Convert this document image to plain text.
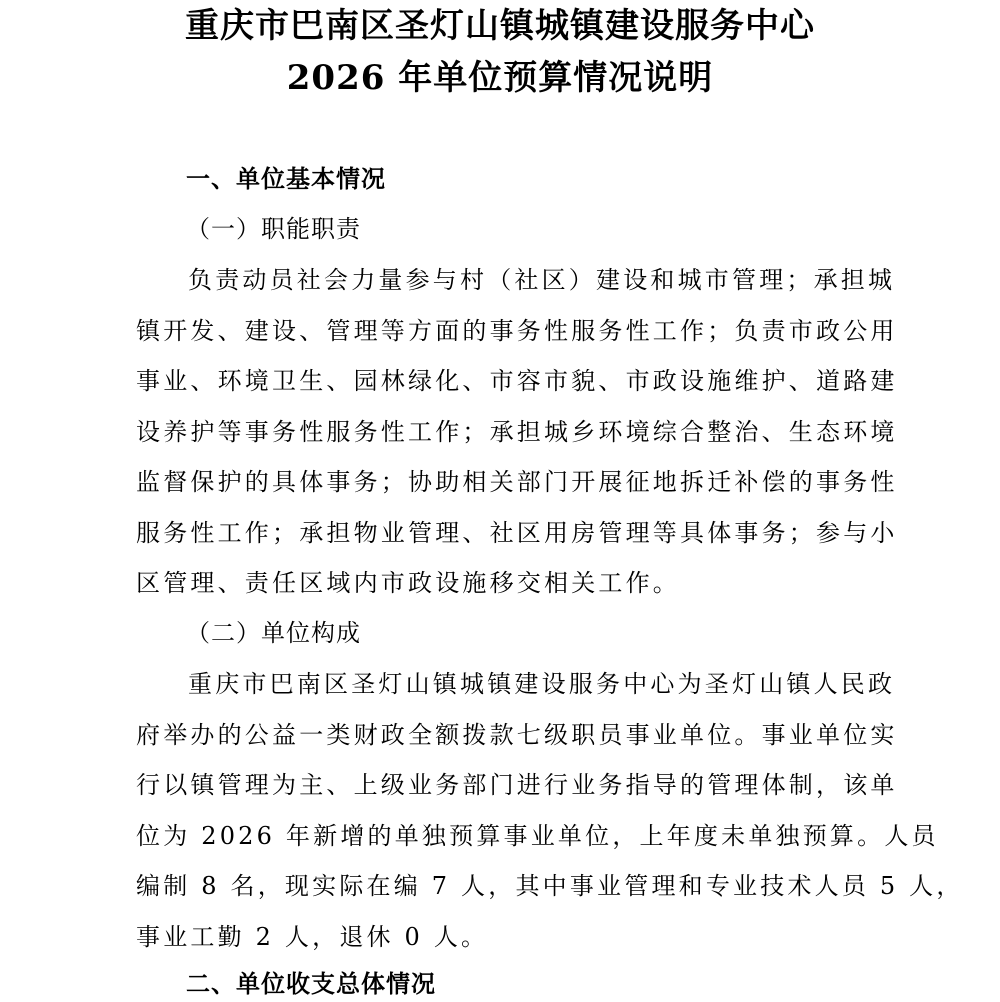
重庆市巴南区圣灯山镇城镇建设服务中心
2026 年单位预算情况说明
一、单位基本情况
（一）职能职责
负责动员社会力量参与村（社区）建设和城市管理；承担城
镇开发、建设、管理等方面的事务性服务性工作；负责市政公用
事业、环境卫生、园林绿化、市容市貌、市政设施维护、道路建
设养护等事务性服务性工作；承担城乡环境综合整治、生态环境
监督保护的具体事务；协助相关部门开展征地拆迁补偿的事务性
服务性工作；承担物业管理、社区用房管理等具体事务；参与小
区管理、责任区域内市政设施移交相关工作。
（二）单位构成
重庆市巴南区圣灯山镇城镇建设服务中心为圣灯山镇人民政
府举办的公益一类财政全额拨款七级职员事业单位。事业单位实
行以镇管理为主、上级业务部门进行业务指导的管理体制，该单
位为 2026 年新增的单独预算事业单位，上年度未单独预算。人员
编制 8 名，现实际在编 7 人，其中事业管理和专业技术人员 5 人，
事业工勤 2 人，退休 0 人。
二、单位收支总体情况
